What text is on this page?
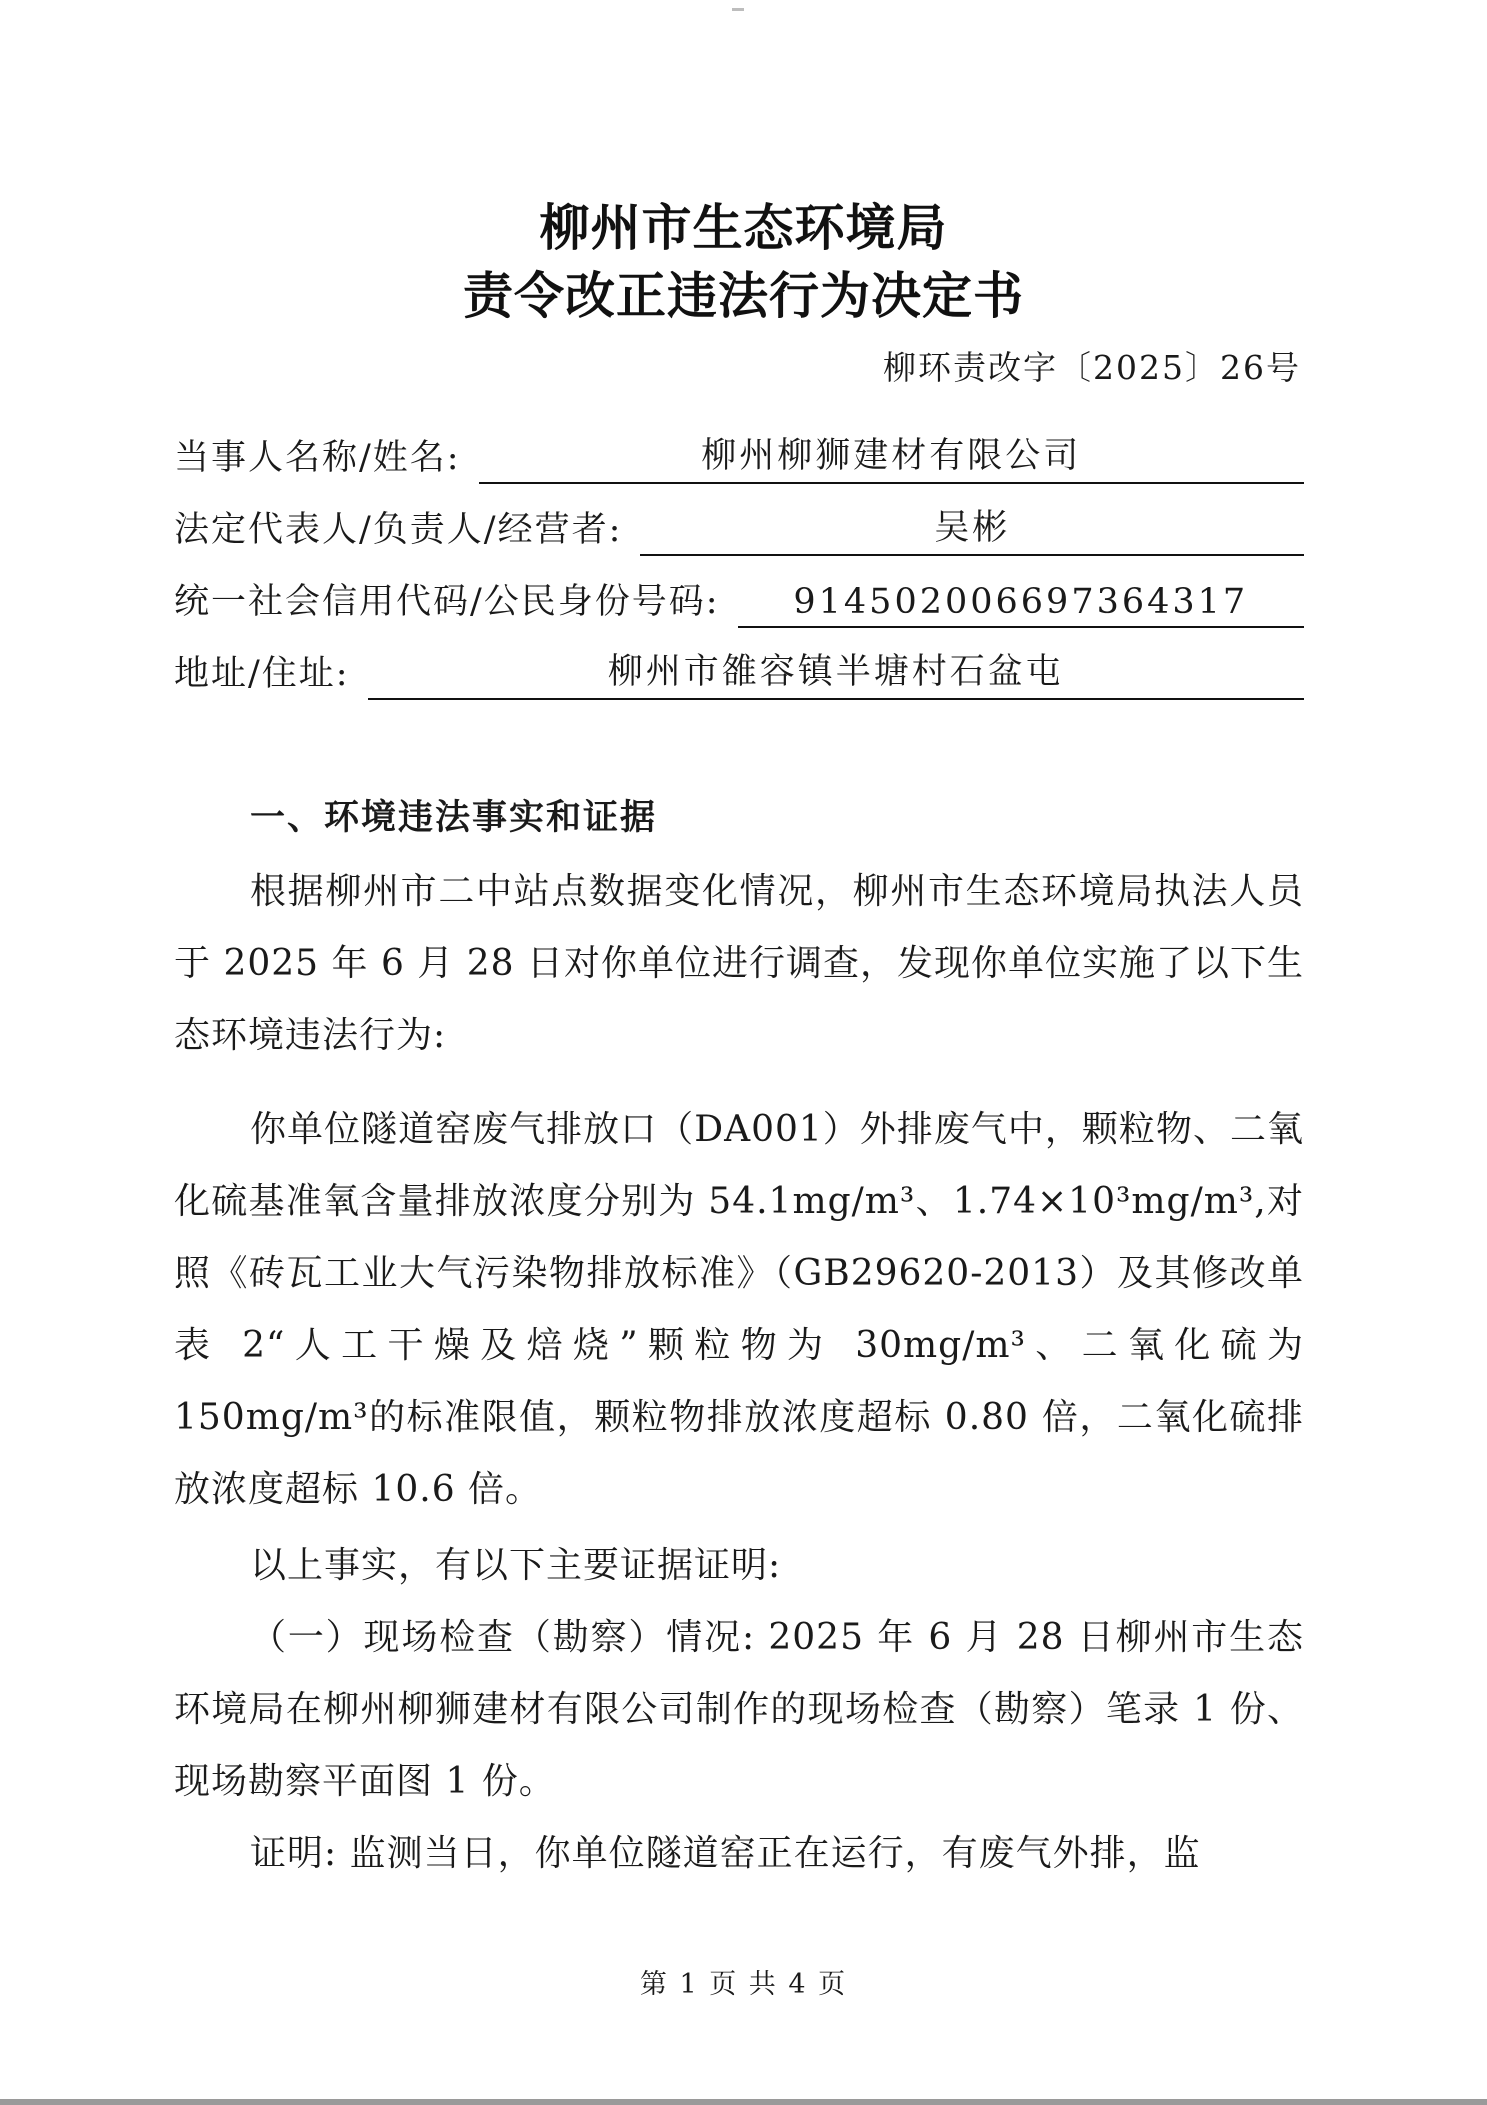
柳州市生态环境局
责令改正违法行为决定书
柳环责改字〔2025〕26号
当事人名称/姓名:	柳州柳狮建材有限公司
法定代表人/负责人/经营者:	吴彬
统一社会信用代码/公民身份号码:	914502006697364317
地址/住址:	柳州市雒容镇半塘村石盆屯
一、环境违法事实和证据
根据柳州市二中站点数据变化情况，柳州市生态环境局执法人员于 2025 年 6 月 28 日对你单位进行调查，发现你单位实施了以下生态环境违法行为:
你单位隧道窑废气排放口（DA001）外排废气中，颗粒物、二氧化硫基准氧含量排放浓度分别为 54.1mg/m³、1.74×10³mg/m³,对照《砖瓦工业大气污染物排放标准》（GB29620-2013）及其修改单表 2“人工干燥及焙烧”颗粒物为 30mg/m³、二氧化硫为 150mg/m³的标准限值，颗粒物排放浓度超标 0.80 倍，二氧化硫排放浓度超标 10.6 倍。
以上事实，有以下主要证据证明:
（一）现场检查（勘察）情况: 2025 年 6 月 28 日柳州市生态环境局在柳州柳狮建材有限公司制作的现场检查（勘察）笔录 1 份、现场勘察平面图 1 份。
证明: 监测当日，你单位隧道窑正在运行，有废气外排，监
第 1 页 共 4 页
